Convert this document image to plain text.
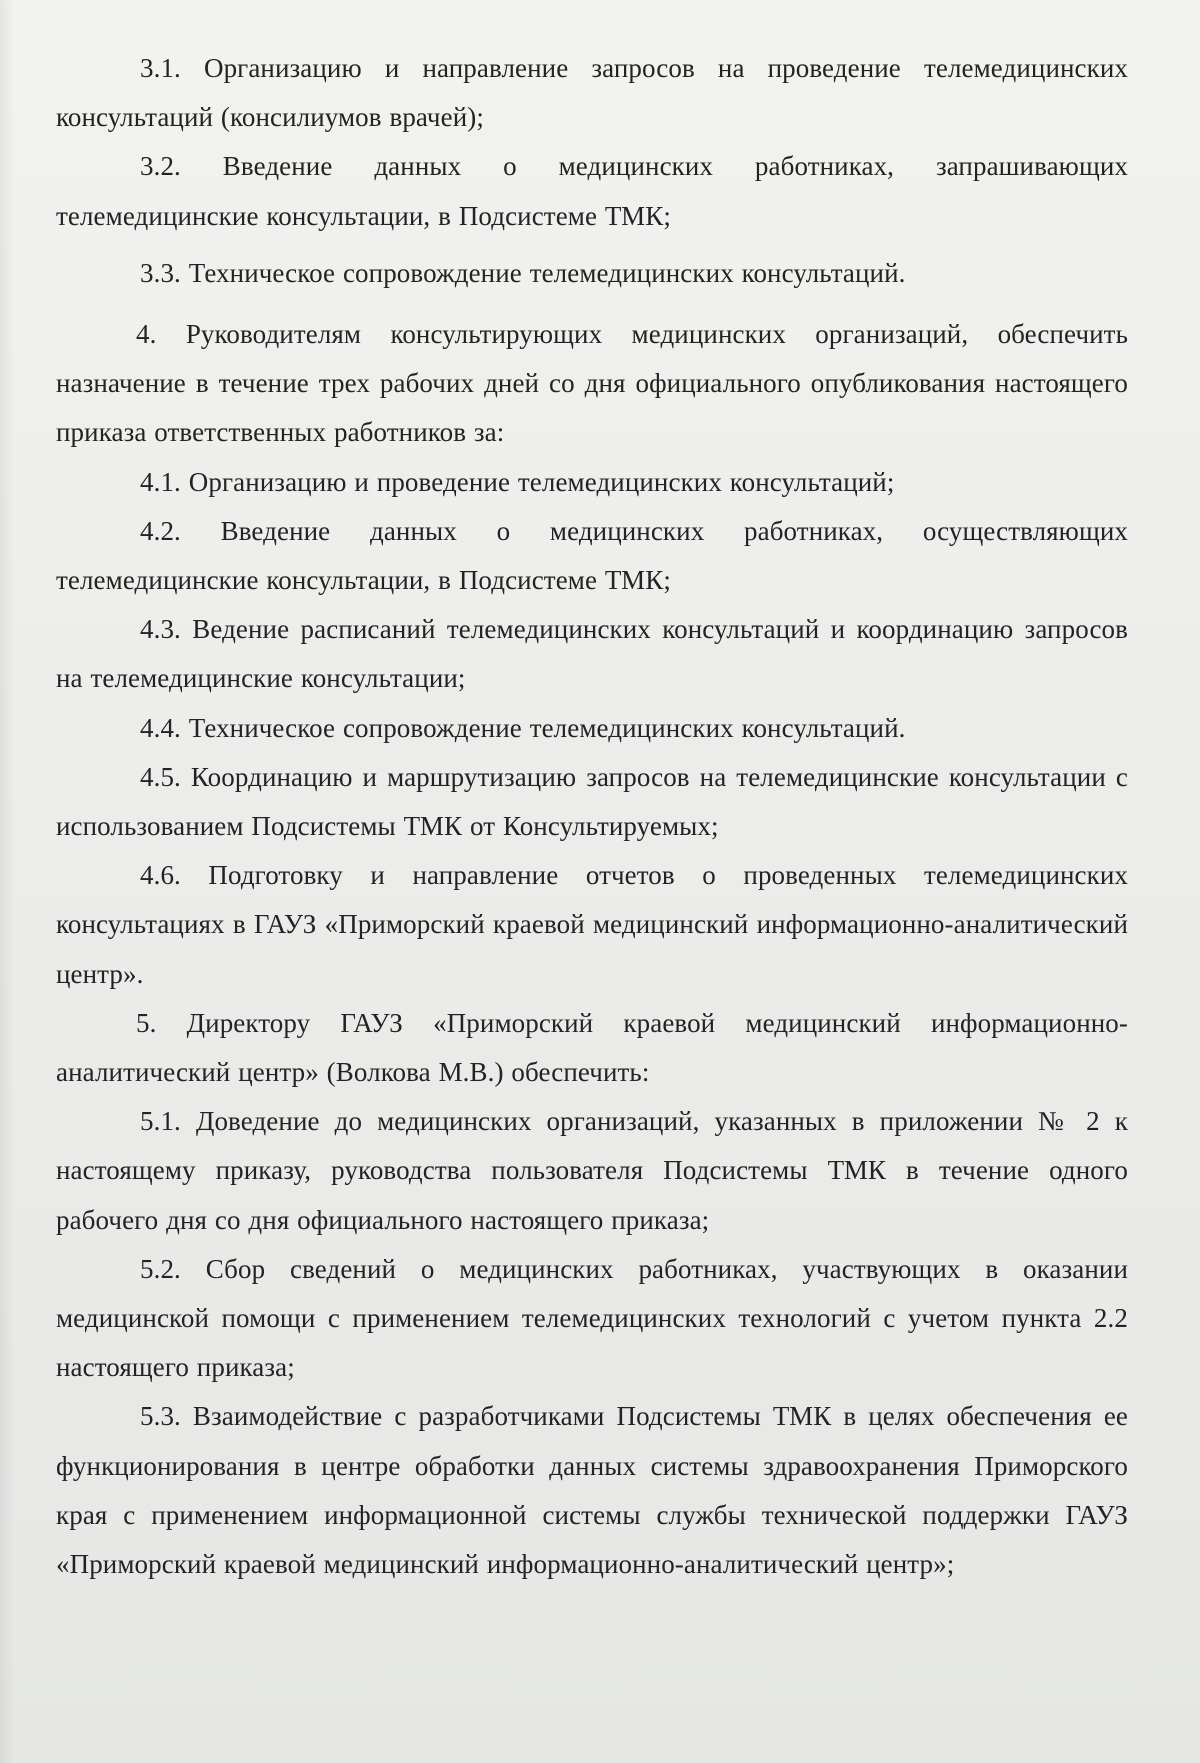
3.1. Организацию и направление запросов на проведение телемедицинских консультаций (консилиумов врачей);

3.2. Введение данных о медицинских работниках, запрашивающих телемедицинские консультации, в Подсистеме ТМК;

3.3. Техническое сопровождение телемедицинских консультаций.

4. Руководителям консультирующих медицинских организаций, обеспечить назначение в течение трех рабочих дней со дня официального опубликования настоящего приказа ответственных работников за:

4.1. Организацию и проведение телемедицинских консультаций;

4.2. Введение данных о медицинских работниках, осуществляющих телемедицинские консультации, в Подсистеме ТМК;

4.3. Ведение расписаний телемедицинских консультаций и координацию запросов на телемедицинские консультации;

4.4. Техническое сопровождение телемедицинских консультаций.

4.5. Координацию и маршрутизацию запросов на телемедицинские консультации с использованием Подсистемы ТМК от Консультируемых;

4.6. Подготовку и направление отчетов о проведенных телемедицинских консультациях в ГАУЗ «Приморский краевой медицинский информационно-аналитический центр».

5. Директору ГАУЗ «Приморский краевой медицинский информационно-аналитический центр» (Волкова М.В.) обеспечить:

5.1. Доведение до медицинских организаций, указанных в приложении № 2 к настоящему приказу, руководства пользователя Подсистемы ТМК в течение одного рабочего дня со дня официального настоящего приказа;

5.2. Сбор сведений о медицинских работниках, участвующих в оказании медицинской помощи с применением телемедицинских технологий с учетом пункта 2.2 настоящего приказа;

5.3. Взаимодействие с разработчиками Подсистемы ТМК в целях обеспечения ее функционирования в центре обработки данных системы здравоохранения Приморского края с применением информационной системы службы технической поддержки ГАУЗ «Приморский краевой медицинский информационно-аналитический центр»;
